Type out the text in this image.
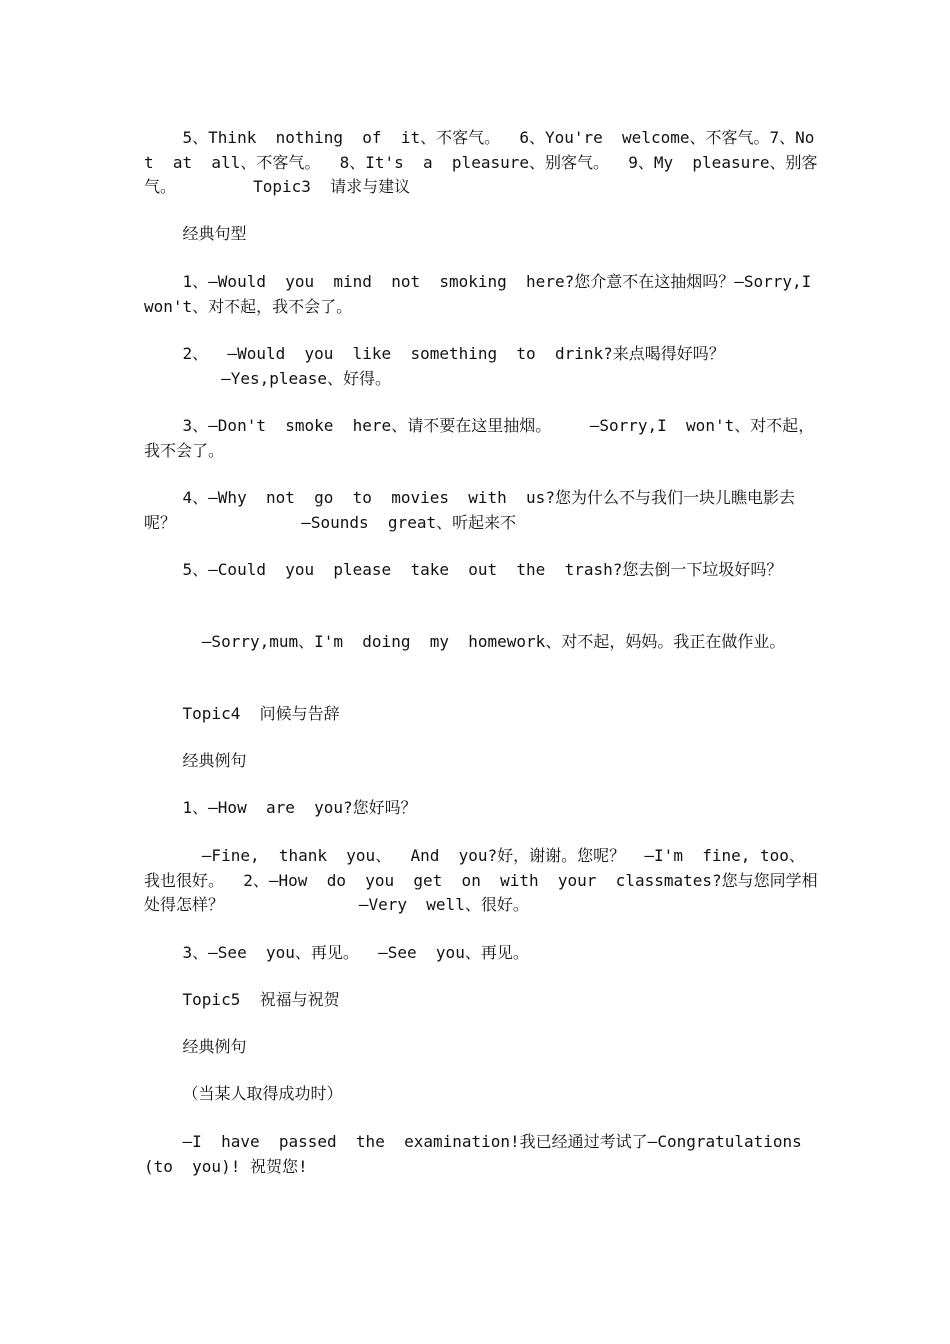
5、Think  nothing  of  it、不客气。  6、You're  welcome、不客气。7、Not  at  all、不客气。  8、It's  a  pleasure、别客气。  9、My  pleasure、别客气。        Topic3  请求与建议

经典句型

1、—Would  you  mind  not  smoking  here?您介意不在这抽烟吗？—Sorry,I  won't、对不起，我不会了。

2、  —Would  you  like  something  to  drink?来点喝得好吗？
—Yes,please、好得。

3、—Don't  smoke  here、请不要在这里抽烟。    —Sorry,I  won't、对不起，我不会了。

4、—Why  not  go  to  movies  with  us?您为什么不与我们一块儿瞧电影去呢？             —Sounds  great、听起来不

5、—Could  you  please  take  out  the  trash?您去倒一下垃圾好吗？

—Sorry,mum、I'm  doing  my  homework、对不起，妈妈。我正在做作业。

Topic4  问候与告辞

经典例句

1、—How  are  you?您好吗？

—Fine,  thank  you、  And  you?好，谢谢。您呢？  —I'm  fine, too、我也很好。  2、—How  do  you  get  on  with  your  classmates?您与您同学相处得怎样？              —Very  well、很好。

3、—See  you、再见。  —See  you、再见。

Topic5  祝福与祝贺

经典例句

（当某人取得成功时）

—I  have  passed  the  examination!我已经通过考试了—Congratulations  (to  you)! 祝贺您!
